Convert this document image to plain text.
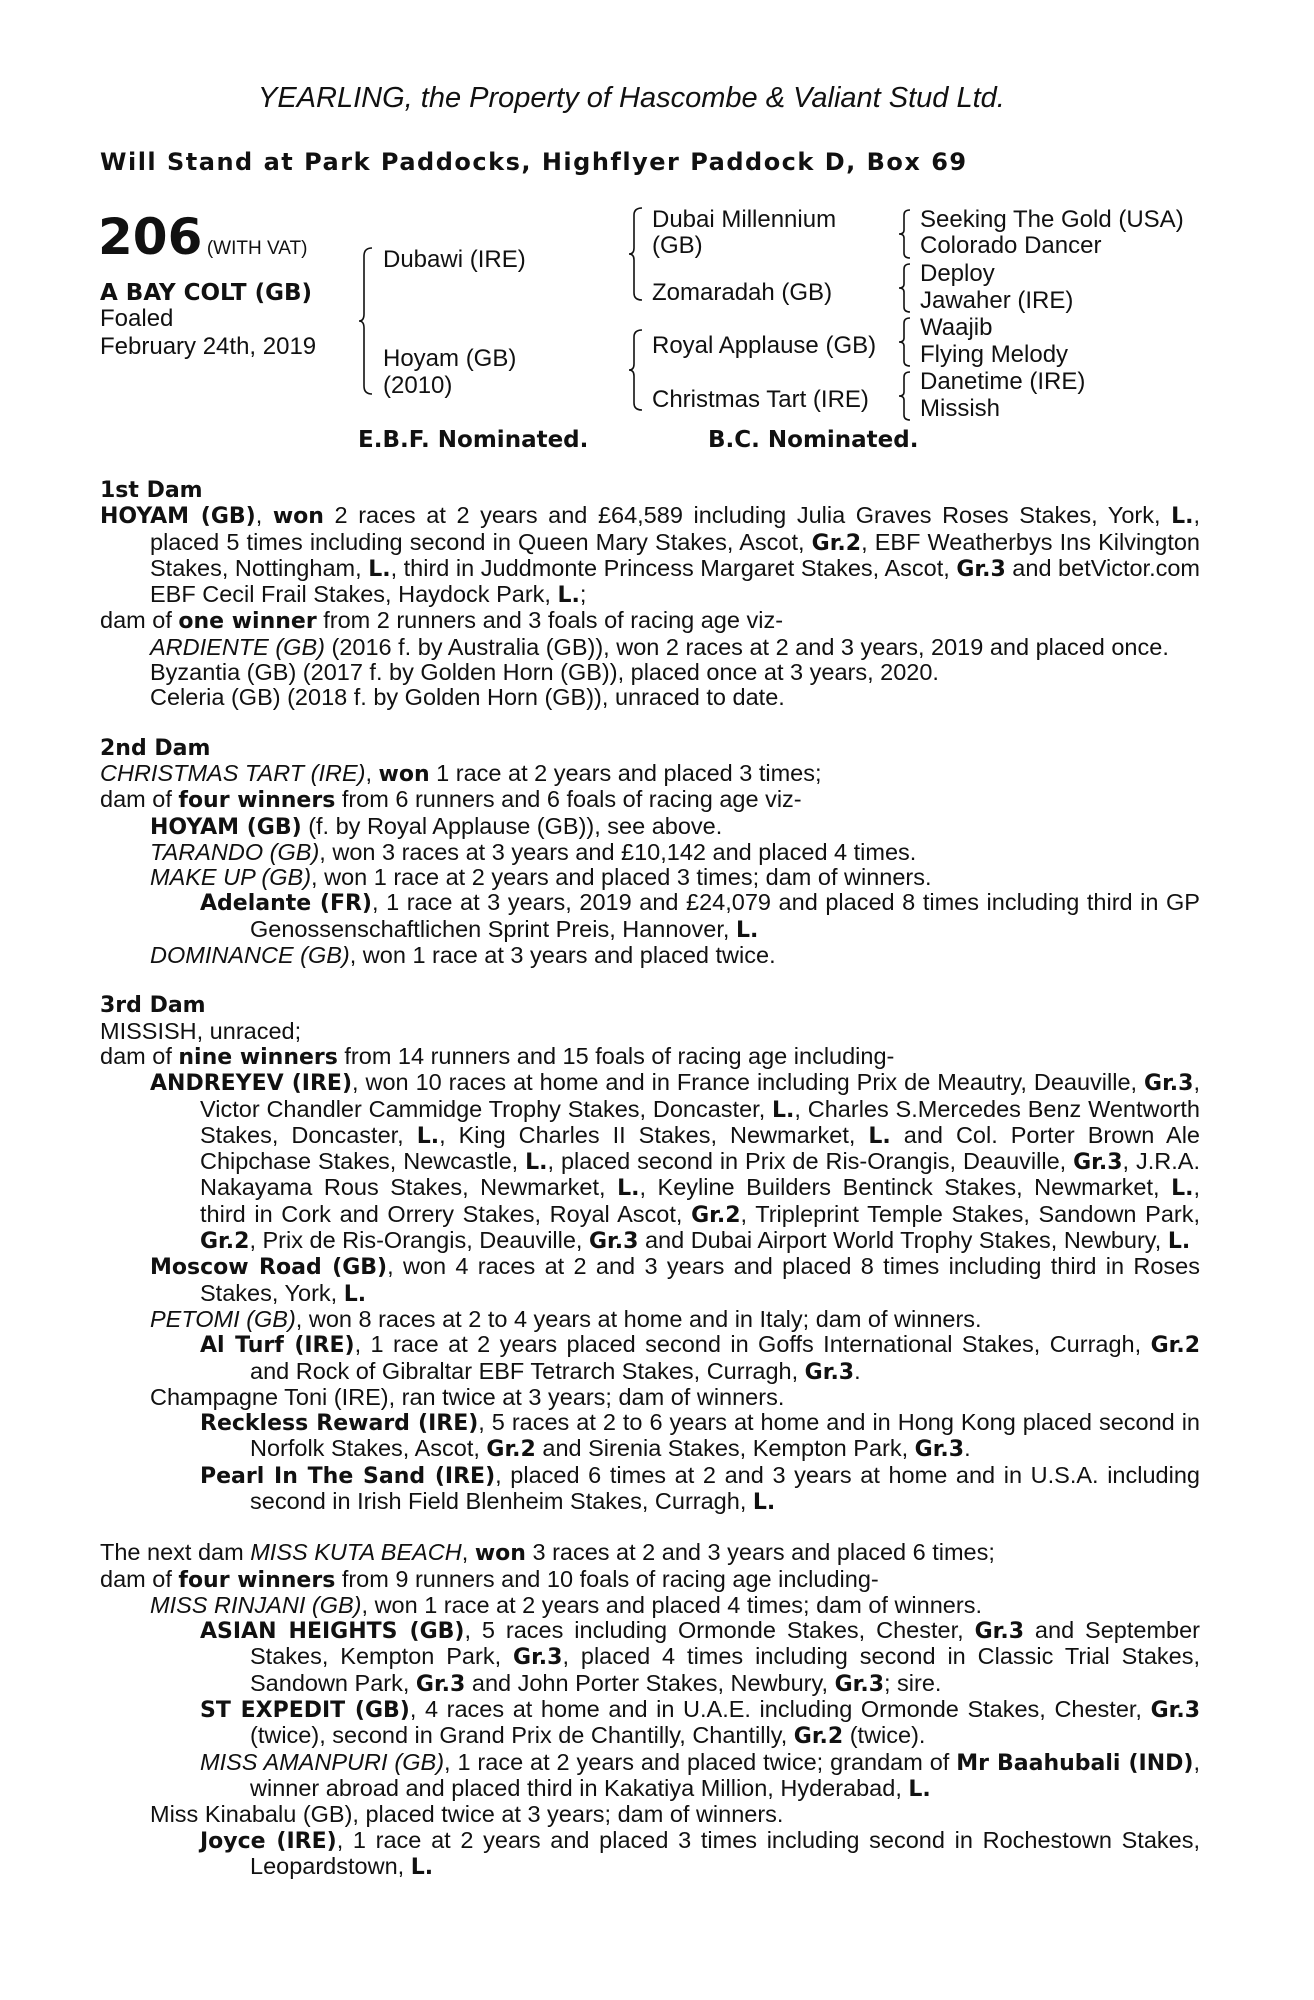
YEARLING, the Property of Hascombe & Valiant Stud Ltd.
Will Stand at Park Paddocks, Highflyer Paddock D, Box 69
206 (WITH VAT)
A BAY COLT (GB)
Foaled
February 24th, 2019
Dubawi (IRE)
Hoyam (GB)
(2010)
Dubai Millennium
(GB)
Zomaradah (GB)
Royal Applause (GB)
Christmas Tart (IRE)
Seeking The Gold (USA)
Colorado Dancer
Deploy
Jawaher (IRE)
Waajib
Flying Melody
Danetime (IRE)
Missish
E.B.F. Nominated.	B.C. Nominated.
1st Dam
HOYAM (GB), won 2 races at 2 years and £64,589 including Julia Graves Roses Stakes, York, L., placed 5 times including second in Queen Mary Stakes, Ascot, Gr.2, EBF Weatherbys Ins Kilvington Stakes, Nottingham, L., third in Juddmonte Princess Margaret Stakes, Ascot, Gr.3 and betVictor.com EBF Cecil Frail Stakes, Haydock Park, L.;
dam of one winner from 2 runners and 3 foals of racing age viz-
ARDIENTE (GB) (2016 f. by Australia (GB)), won 2 races at 2 and 3 years, 2019 and placed once.
Byzantia (GB) (2017 f. by Golden Horn (GB)), placed once at 3 years, 2020.
Celeria (GB) (2018 f. by Golden Horn (GB)), unraced to date.
2nd Dam
CHRISTMAS TART (IRE), won 1 race at 2 years and placed 3 times;
dam of four winners from 6 runners and 6 foals of racing age viz-
HOYAM (GB) (f. by Royal Applause (GB)), see above.
TARANDO (GB), won 3 races at 3 years and £10,142 and placed 4 times.
MAKE UP (GB), won 1 race at 2 years and placed 3 times; dam of winners.
Adelante (FR), 1 race at 3 years, 2019 and £24,079 and placed 8 times including third in GP Genossenschaftlichen Sprint Preis, Hannover, L.
DOMINANCE (GB), won 1 race at 3 years and placed twice.
3rd Dam
MISSISH, unraced;
dam of nine winners from 14 runners and 15 foals of racing age including-
ANDREYEV (IRE), won 10 races at home and in France including Prix de Meautry, Deauville, Gr.3, Victor Chandler Cammidge Trophy Stakes, Doncaster, L., Charles S.Mercedes Benz Wentworth Stakes, Doncaster, L., King Charles II Stakes, Newmarket, L. and Col. Porter Brown Ale Chipchase Stakes, Newcastle, L., placed second in Prix de Ris-Orangis, Deauville, Gr.3, J.R.A. Nakayama Rous Stakes, Newmarket, L., Keyline Builders Bentinck Stakes, Newmarket, L., third in Cork and Orrery Stakes, Royal Ascot, Gr.2, Tripleprint Temple Stakes, Sandown Park, Gr.2, Prix de Ris-Orangis, Deauville, Gr.3 and Dubai Airport World Trophy Stakes, Newbury, L.
Moscow Road (GB), won 4 races at 2 and 3 years and placed 8 times including third in Roses Stakes, York, L.
PETOMI (GB), won 8 races at 2 to 4 years at home and in Italy; dam of winners.
Al Turf (IRE), 1 race at 2 years placed second in Goffs International Stakes, Curragh, Gr.2 and Rock of Gibraltar EBF Tetrarch Stakes, Curragh, Gr.3.
Champagne Toni (IRE), ran twice at 3 years; dam of winners.
Reckless Reward (IRE), 5 races at 2 to 6 years at home and in Hong Kong placed second in Norfolk Stakes, Ascot, Gr.2 and Sirenia Stakes, Kempton Park, Gr.3.
Pearl In The Sand (IRE), placed 6 times at 2 and 3 years at home and in U.S.A. including second in Irish Field Blenheim Stakes, Curragh, L.
The next dam MISS KUTA BEACH, won 3 races at 2 and 3 years and placed 6 times;
dam of four winners from 9 runners and 10 foals of racing age including-
MISS RINJANI (GB), won 1 race at 2 years and placed 4 times; dam of winners.
ASIAN HEIGHTS (GB), 5 races including Ormonde Stakes, Chester, Gr.3 and September Stakes, Kempton Park, Gr.3, placed 4 times including second in Classic Trial Stakes, Sandown Park, Gr.3 and John Porter Stakes, Newbury, Gr.3; sire.
ST EXPEDIT (GB), 4 races at home and in U.A.E. including Ormonde Stakes, Chester, Gr.3 (twice), second in Grand Prix de Chantilly, Chantilly, Gr.2 (twice).
MISS AMANPURI (GB), 1 race at 2 years and placed twice; grandam of Mr Baahubali (IND), winner abroad and placed third in Kakatiya Million, Hyderabad, L.
Miss Kinabalu (GB), placed twice at 3 years; dam of winners.
Joyce (IRE), 1 race at 2 years and placed 3 times including second in Rochestown Stakes, Leopardstown, L.
